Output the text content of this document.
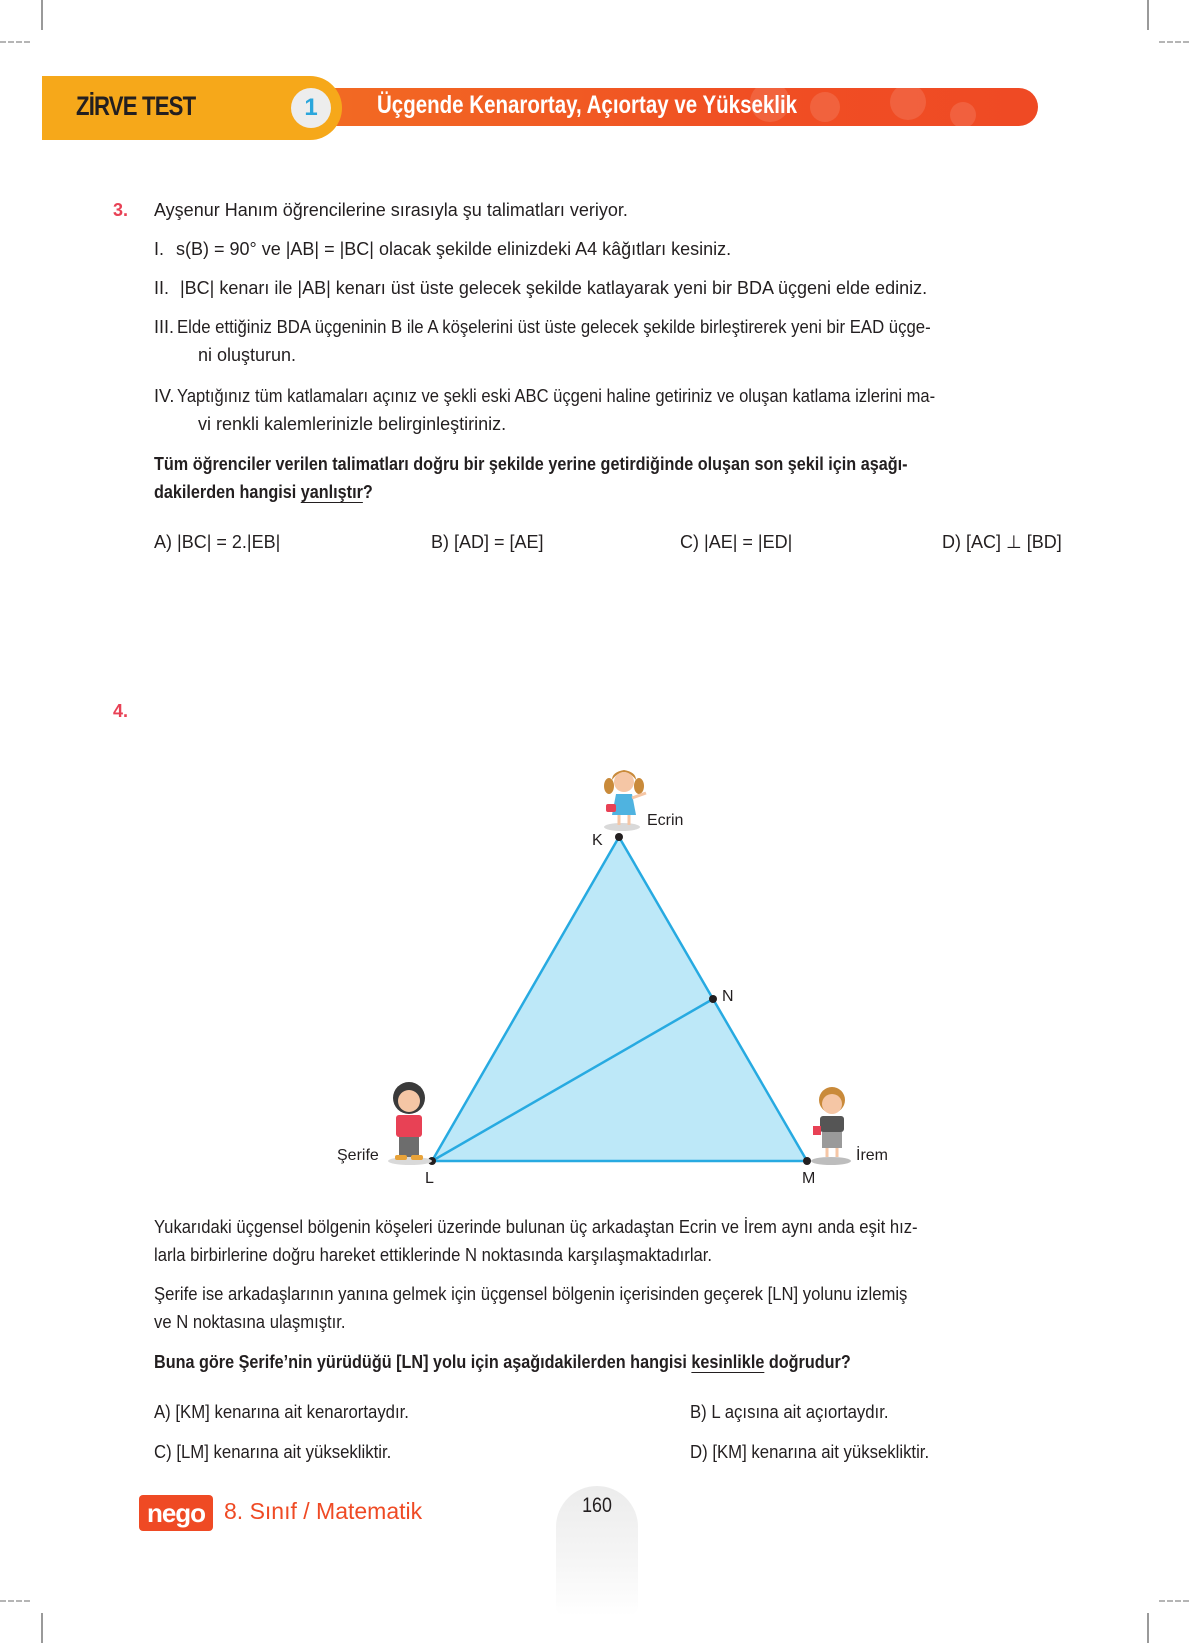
ZİRVE TEST	1	Üçgende Kenarortay, Açıortay ve Yükseklik
3. Ayşenur Hanım öğrencilerine sırasıyla şu talimatları veriyor.
I. s(B) = 90° ve |AB| = |BC| olacak şekilde elinizdeki A4 kâğıtları kesiniz.
II. |BC| kenarı ile |AB| kenarı üst üste gelecek şekilde katlayarak yeni bir BDA üçgeni elde ediniz.
III. Elde ettiğiniz BDA üçgeninin B ile A köşelerini üst üste gelecek şekilde birleştirerek yeni bir EAD üçge-
ni oluşturun.
IV. Yaptığınız tüm katlamaları açınız ve şekli eski ABC üçgeni haline getiriniz ve oluşan katlama izlerini ma-
vi renkli kalemlerinizle belirginleştiriniz.
Tüm öğrenciler verilen talimatları doğru bir şekilde yerine getirdiğinde oluşan son şekil için aşağı-
dakilerden hangisi yanlıştır?
A) |BC| = 2.|EB|	B) [AD] = [AE]	C) |AE| = |ED|	D) [AC] ⊥ [BD]
4.
K
N
L	M
Ecrin
Şerife	İrem
Yukarıdaki üçgensel bölgenin köşeleri üzerinde bulunan üç arkadaştan Ecrin ve İrem aynı anda eşit hız-
larla birbirlerine doğru hareket ettiklerinde N noktasında karşılaşmaktadırlar.
Şerife ise arkadaşlarının yanına gelmek için üçgensel bölgenin içerisinden geçerek [LN] yolunu izlemiş
ve N noktasına ulaşmıştır.
Buna göre Şerife’nin yürüdüğü [LN] yolu için aşağıdakilerden hangisi kesinlikle doğrudur?
A) [KM] kenarına ait kenarortaydır.	B) L açısına ait açıortaydır.
C) [LM] kenarına ait yüksekliktir.	D) [KM] kenarına ait yüksekliktir.
nego 8. Sınıf / Matematik	160
